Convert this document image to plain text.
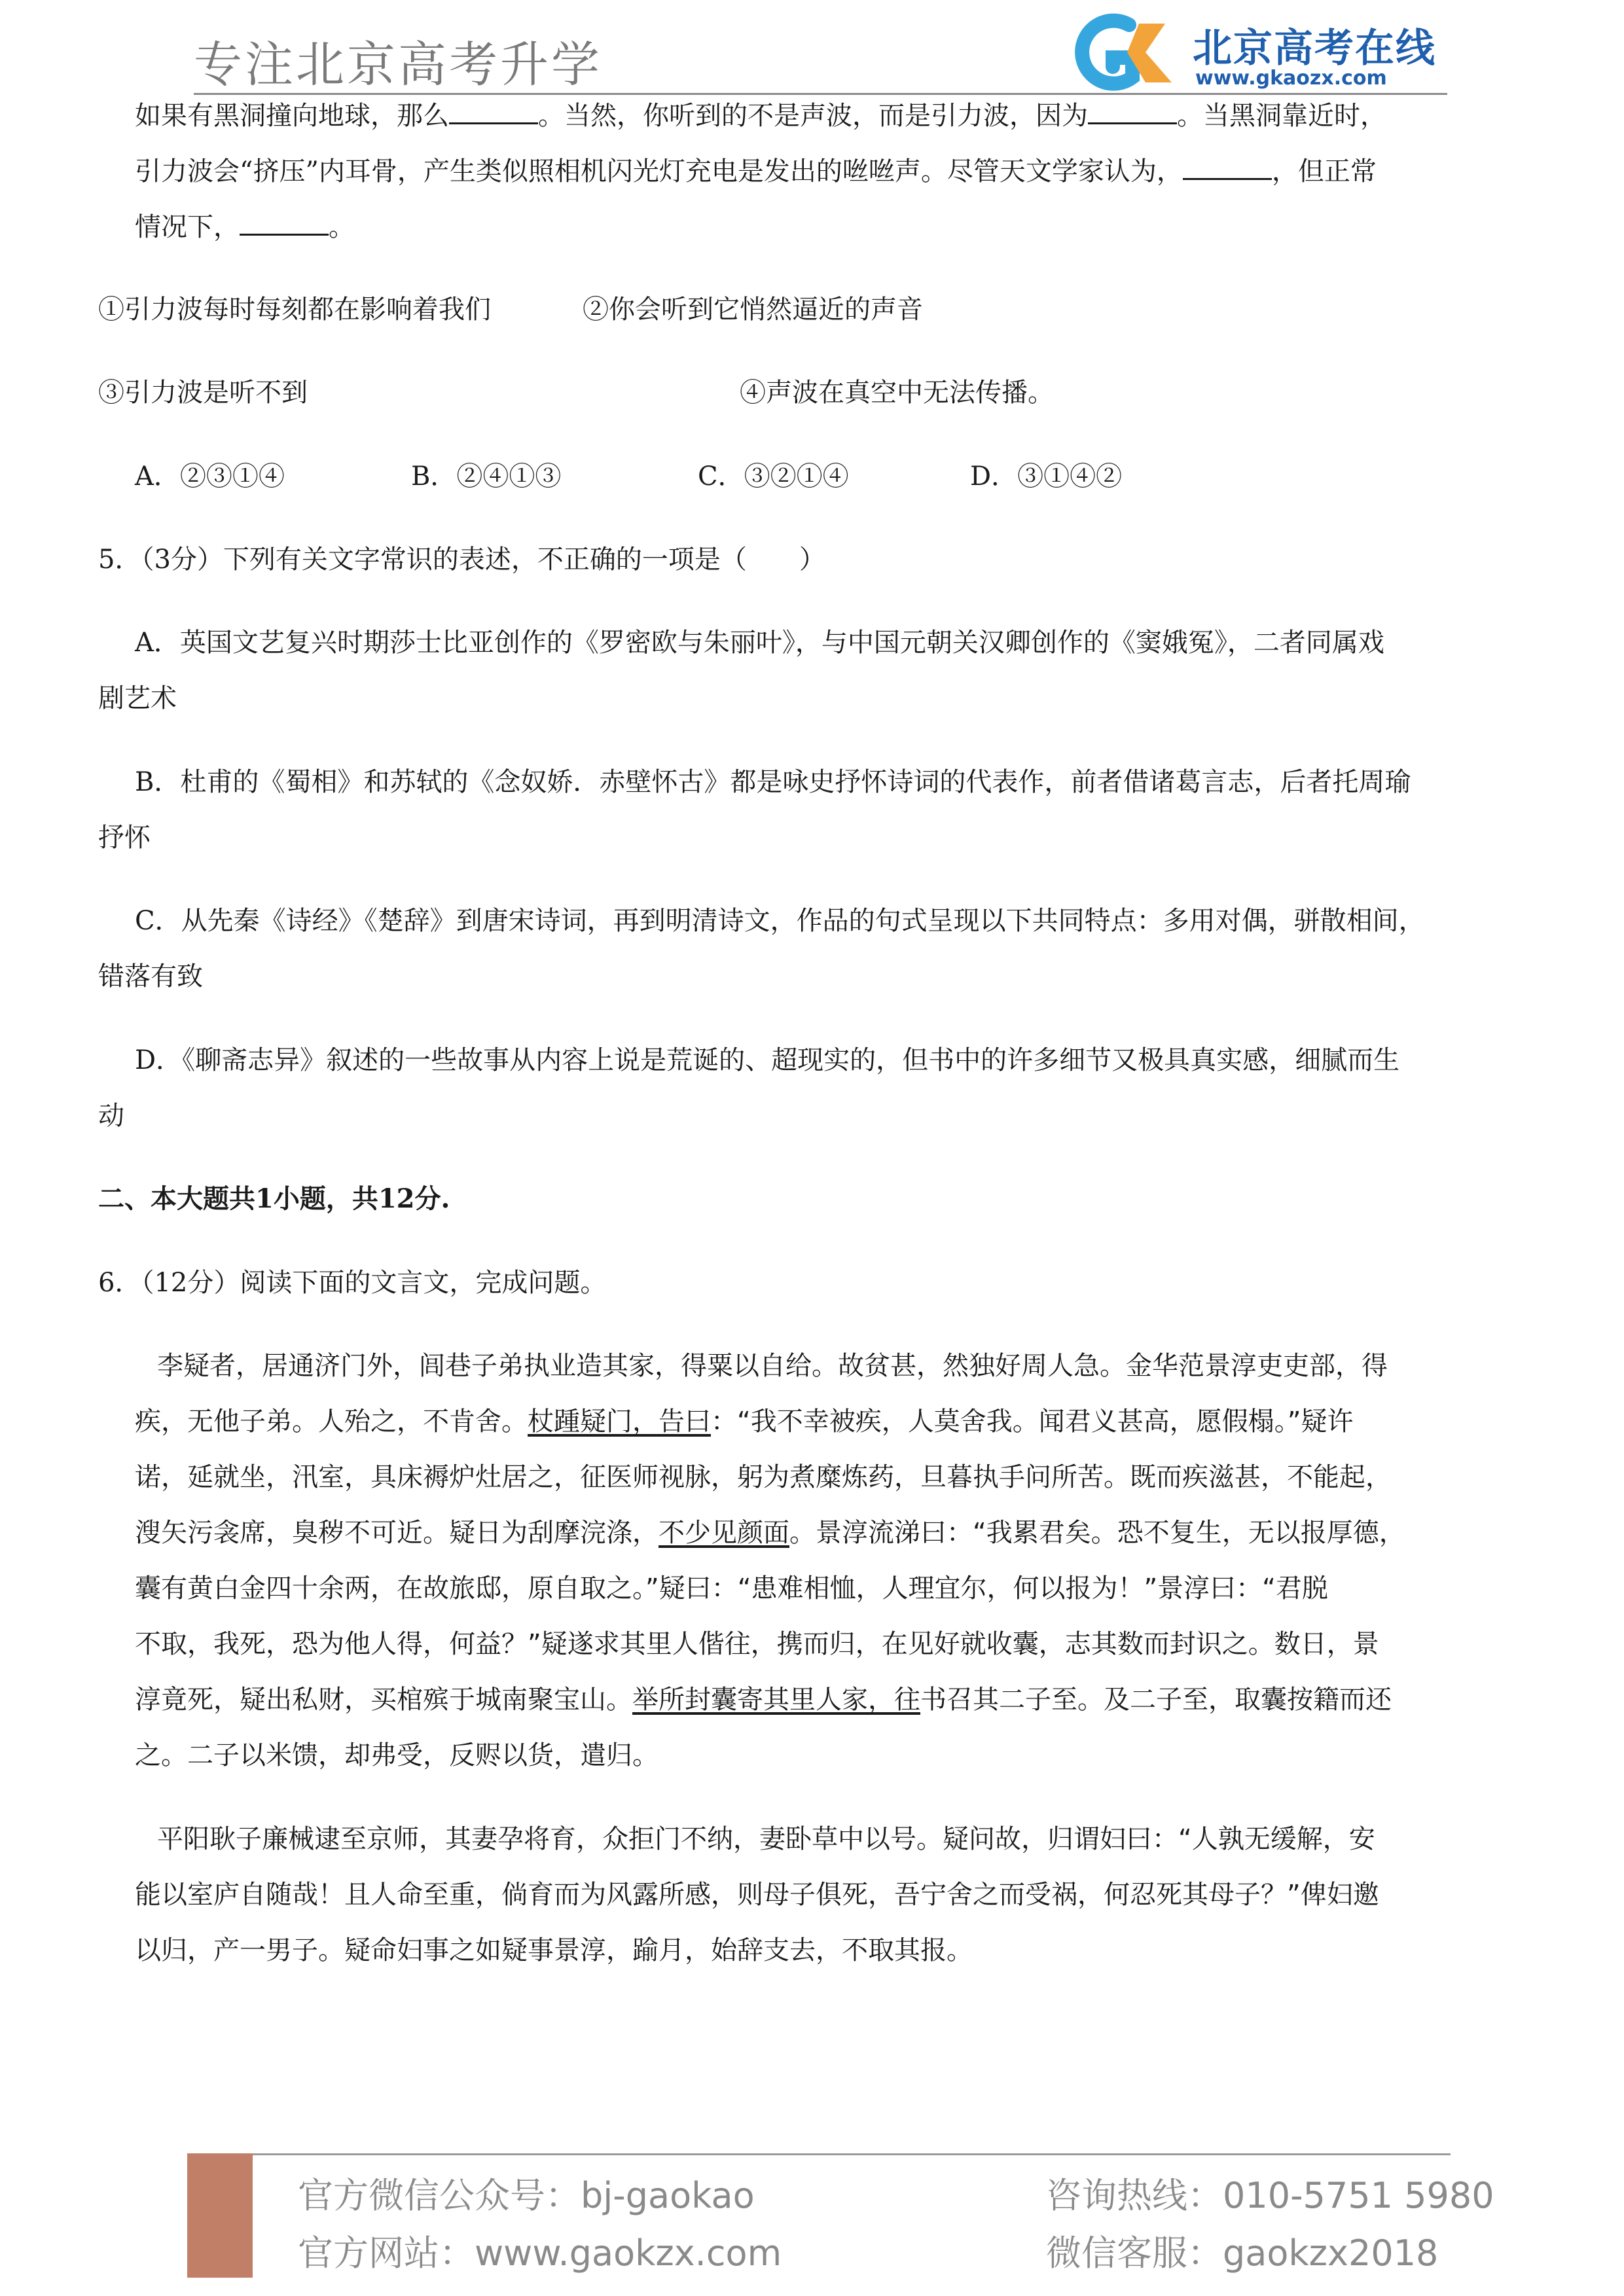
专注北京高考升学	北京高考在线
www.gkaozx.com
如果有黑洞撞向地球，那么	。当然，你听到的不是声波，而是引力波，因为	。当黑洞靠近时，
引力波会“挤压”内耳骨，产生类似照相机闪光灯充电是发出的咝咝声。尽管天文学家认为，	，但正常
情况下，	。
①引力波每时每刻都在影响着我们	②你会听到它悄然逼近的声音
③引力波是听不到	④声波在真空中无法传播。
A．②③①④	B．②④①③	C．③②①④	D．③①④②
5．（3分）下列有关文字常识的表述，不正确的一项是（　　）
A．英国文艺复兴时期莎士比亚创作的《罗密欧与朱丽叶》，与中国元朝关汉卿创作的《窦娥冤》，二者同属戏
剧艺术
B．杜甫的《蜀相》和苏轼的《念奴娇．赤壁怀古》都是咏史抒怀诗词的代表作，前者借诸葛言志，后者托周瑜
抒怀
C．从先秦《诗经》《楚辞》到唐宋诗词，再到明清诗文，作品的句式呈现以下共同特点：多用对偶，骈散相间，
错落有致
D．《聊斋志异》叙述的一些故事从内容上说是荒诞的、超现实的，但书中的许多细节又极具真实感，细腻而生
动
二、本大题共1小题，共12分.
6．（12分）阅读下面的文言文，完成问题。
李疑者，居通济门外，闾巷子弟执业造其家，得粟以自给。故贫甚，然独好周人急。金华范景淳吏吏部，得
疾，无他子弟。人殆之，不肯舍。杖踵疑门，告曰：“我不幸被疾，人莫舍我。闻君义甚高，愿假榻。”疑许
诺，延就坐，汛室，具床褥炉灶居之，征医师视脉，躬为煮糜炼药，旦暮执手问所苦。既而疾滋甚，不能起，
溲矢污衾席，臭秽不可近。疑日为刮摩浣涤，不少见颜面。景淳流涕曰：“我累君矣。恐不复生，无以报厚德，
囊有黄白金四十余两，在故旅邸，原自取之。”疑曰：“患难相恤，人理宜尔，何以报为！”景淳曰：“君脱
不取，我死，恐为他人得，何益？”疑遂求其里人偕往，携而归，在见好就收囊，志其数而封识之。数日，景
淳竟死，疑出私财，买棺殡于城南聚宝山。举所封囊寄其里人家，往书召其二子至。及二子至，取囊按籍而还
之。二子以米馈，却弗受，反赆以货，遣归。
平阳耿子廉械逮至京师，其妻孕将育，众拒门不纳，妻卧草中以号。疑问故，归谓妇曰：“人孰无缓解，安
能以室庐自随哉！且人命至重，倘育而为风露所感，则母子俱死，吾宁舍之而受祸，何忍死其母子？”俾妇邀
以归，产一男子。疑命妇事之如疑事景淳，踰月，始辞支去，不取其报。
官方微信公众号：bj-gaokao
官方网站：www.gaokzx.com
咨询热线：010-5751 5980
微信客服：gaokzx2018
